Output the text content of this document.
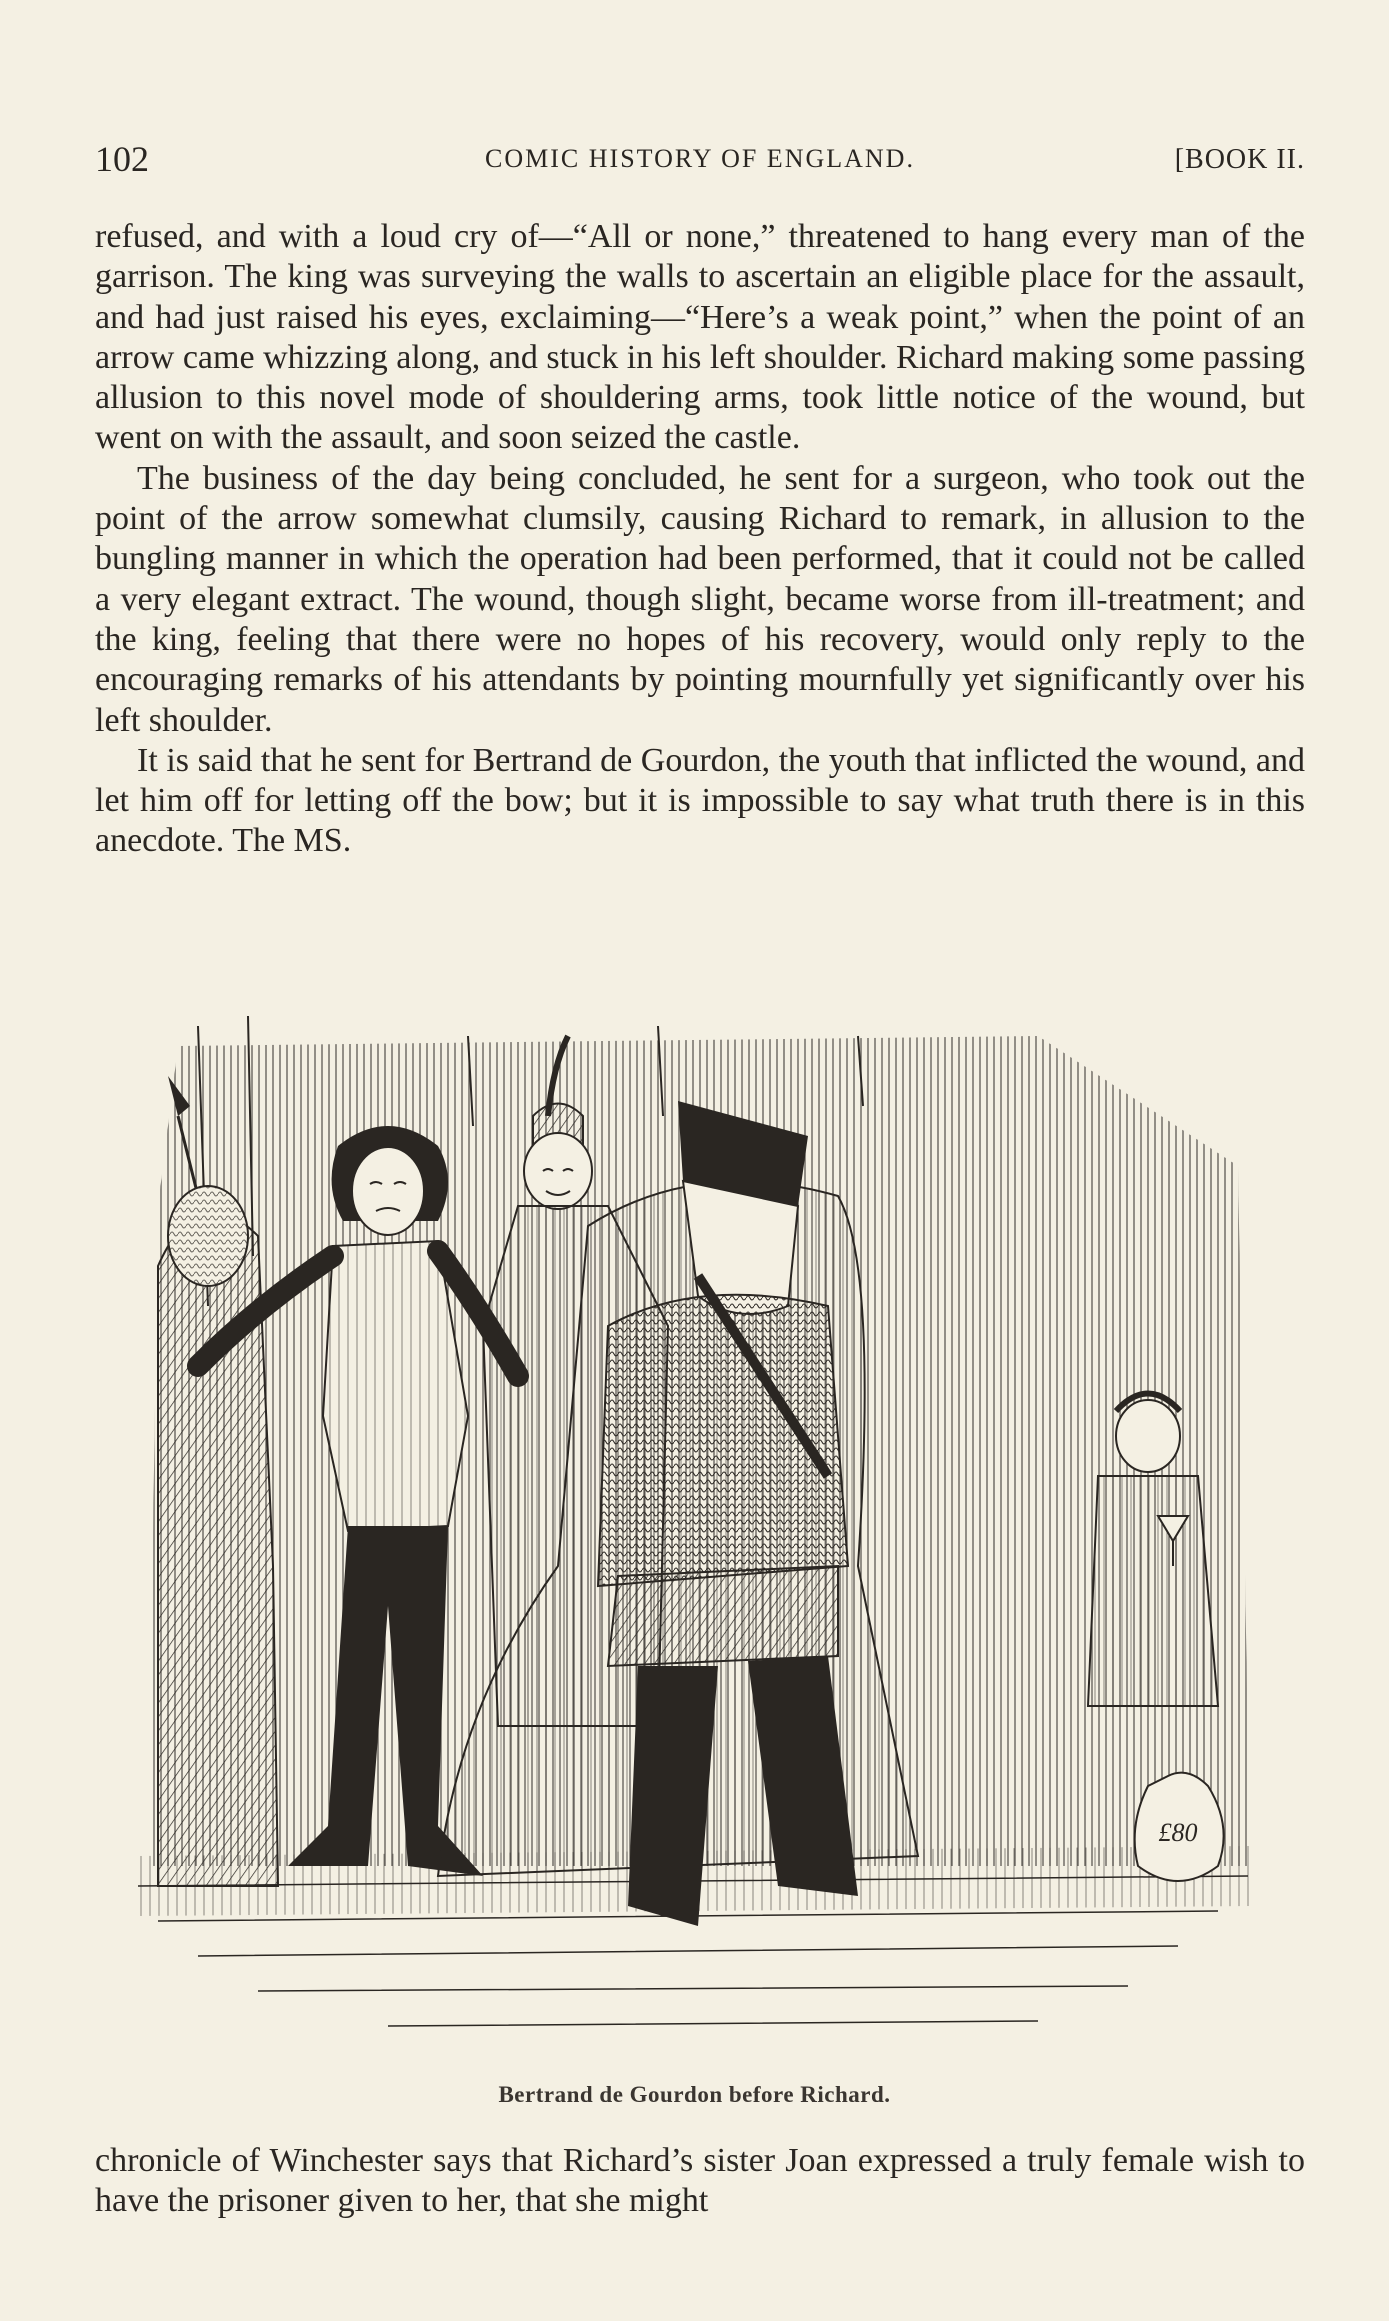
102	COMIC HISTORY OF ENGLAND.	[BOOK II.

refused, and with a loud cry of—“All or none,” threatened to hang every man of the garrison. The king was surveying the walls to ascertain an eligible place for the assault, and had just raised his eyes, exclaiming—“Here’s a weak point,” when the point of an arrow came whizzing along, and stuck in his left shoulder. Richard making some passing allusion to this novel mode of shouldering arms, took little notice of the wound, but went on with the assault, and soon seized the castle.

The business of the day being concluded, he sent for a surgeon, who took out the point of the arrow somewhat clumsily, causing Richard to remark, in allusion to the bungling manner in which the operation had been performed, that it could not be called a very elegant extract. The wound, though slight, became worse from ill-treatment; and the king, feeling that there were no hopes of his recovery, would only reply to the encouraging remarks of his attendants by pointing mournfully yet significantly over his left shoulder.

It is said that he sent for Bertrand de Gourdon, the youth that inflicted the wound, and let him off for letting off the bow; but it is impossible to say what truth there is in this anecdote. The MS.

£80
Bertrand de Gourdon before Richard.

chronicle of Winchester says that Richard’s sister Joan expressed a truly female wish to have the prisoner given to her, that she might
